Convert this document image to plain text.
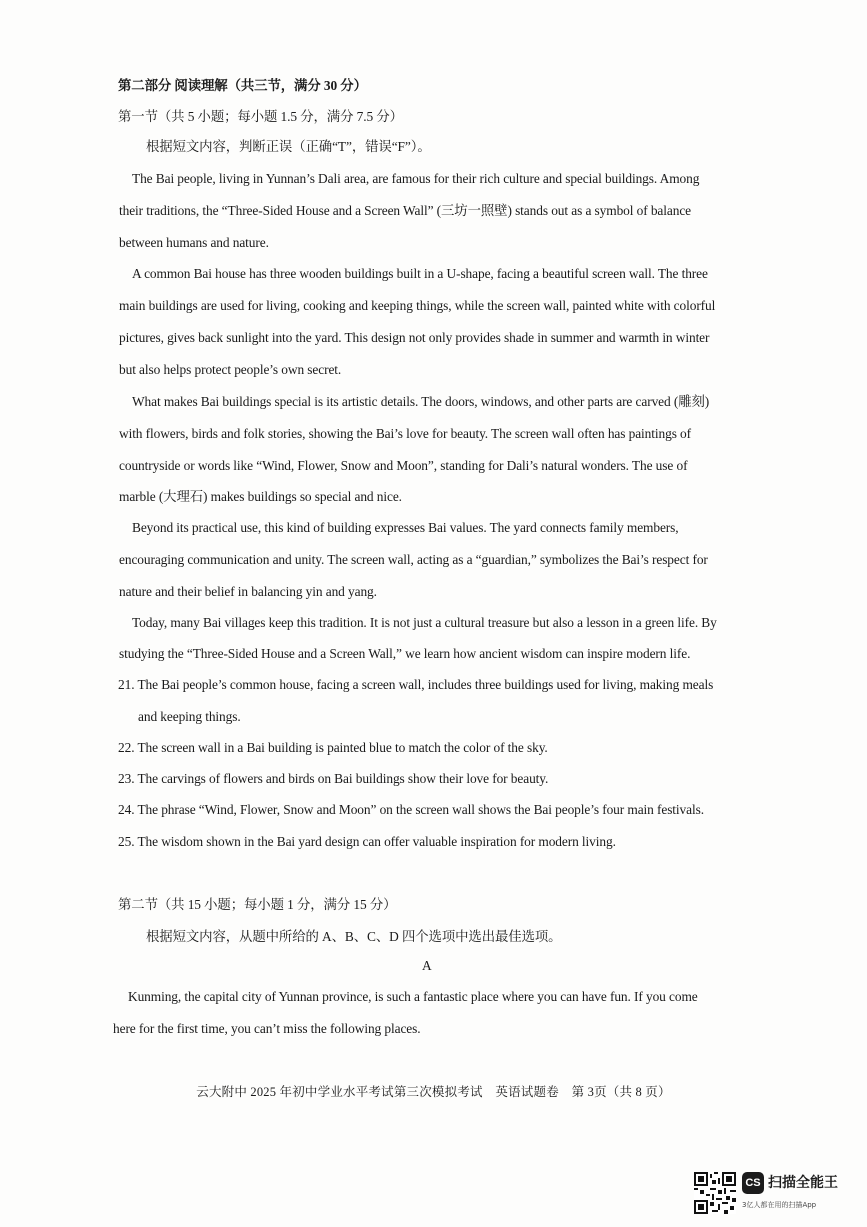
第二部分 阅读理解（共三节，满分 30 分）
第一节（共 5 小题；每小题 1.5 分，满分 7.5 分）
根据短文内容，判断正误（正确“T”，错误“F”）。
The Bai people, living in Yunnan’s Dali area, are famous for their rich culture and special buildings. Among
their traditions, the “Three-Sided House and a Screen Wall” (三坊一照壁) stands out as a symbol of balance
between humans and nature.
A common Bai house has three wooden buildings built in a U-shape, facing a beautiful screen wall. The three
main buildings are used for living, cooking and keeping things, while the screen wall, painted white with colorful
pictures, gives back sunlight into the yard. This design not only provides shade in summer and warmth in winter
but also helps protect people’s own secret.
What makes Bai buildings special is its artistic details. The doors, windows, and other parts are carved (雕刻)
with flowers, birds and folk stories, showing the Bai’s love for beauty. The screen wall often has paintings of
countryside or words like “Wind, Flower, Snow and Moon”, standing for Dali’s natural wonders. The use of
marble (大理石) makes buildings so special and nice.
Beyond its practical use, this kind of building expresses Bai values. The yard connects family members,
encouraging communication and unity. The screen wall, acting as a “guardian,” symbolizes the Bai’s respect for
nature and their belief in balancing yin and yang.
Today, many Bai villages keep this tradition. It is not just a cultural treasure but also a lesson in a green life. By
studying the “Three-Sided House and a Screen Wall,” we learn how ancient wisdom can inspire modern life.
21. The Bai people’s common house, facing a screen wall, includes three buildings used for living, making meals
and keeping things.
22. The screen wall in a Bai building is painted blue to match the color of the sky.
23. The carvings of flowers and birds on Bai buildings show their love for beauty.
24. The phrase “Wind, Flower, Snow and Moon” on the screen wall shows the Bai people’s four main festivals.
25. The wisdom shown in the Bai yard design can offer valuable inspiration for modern living.
第二节（共 15 小题；每小题 1 分，满分 15 分）
根据短文内容，从题中所给的 A、B、C、D 四个选项中选出最佳选项。
A
Kunming, the capital city of Yunnan province, is such a fantastic place where you can have fun. If you come
here for the first time, you can’t miss the following places.
云大附中 2025 年初中学业水平考试第三次模拟考试　英语试题卷　第 3页（共 8 页）
CS 扫描全能王
3亿人都在用的扫描App
